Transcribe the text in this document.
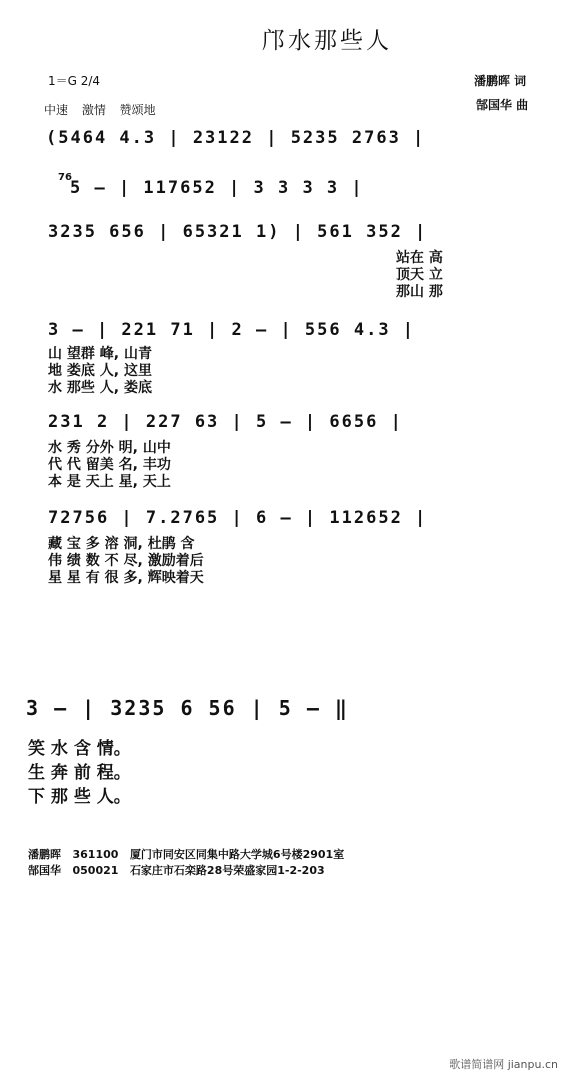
邝水那些人
1＝G 2/4
中速 激情 赞颂地
潘鹏晖 词
郜国华 曲
(5464 4.3 | 23122 | 5235 2763 |
76
5 — | 117652 | 3 3 3 3 |
3235 656 | 65321 1) | 561 352 |
站在 高
顶天 立
那山 那
3 — | 221 71 | 2 — | 556 4.3 |
山 望群 峰, 山青
地 娄底 人, 这里
水 那些 人, 娄底
231 2 | 227 63 | 5 — | 6656 |
水 秀 分外 明, 山中
代 代 留美 名, 丰功
本 是 天上 星, 天上
72756 | 7.2765 | 6 — | 112652 |
藏 宝 多 溶 洞, 杜鹃 含
伟 绩 数 不 尽, 激励着后
星 星 有 很 多, 辉映着天
3 — | 3235 6 56 | 5 — ‖
笑 水 含 情。
生 奔 前 程。
下 那 些 人。
潘鹏晖 361100 厦门市同安区同集中路大学城6号楼2901室
郜国华 050021 石家庄市石栾路28号荣盛家园1-2-203
歌谱简谱网 jianpu.cn
